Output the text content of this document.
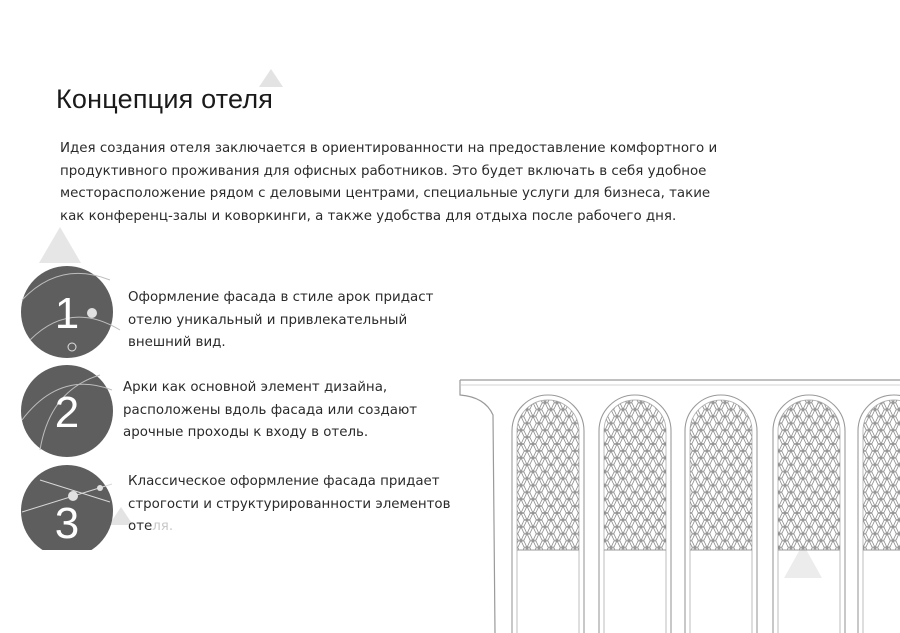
Концепция отеля
Идея создания отеля заключается в ориентированности на предоставление комфортного и продуктивного проживания для офисных работников. Это будет включать в себя удобное месторасположение рядом с деловыми центрами, специальные услуги для бизнеса, такие как конференц-залы и коворкинги, а также удобства для отдыха после рабочего дня.
1
2
3
Оформление фасада в стиле арок придаст отелю уникальный и привлекательный внешний вид.
Арки как основной элемент дизайна, расположены вдоль фасада или создают арочные проходы к входу в отель.
Классическое оформление фасада придает строгости и структурированности элементов отеля.
